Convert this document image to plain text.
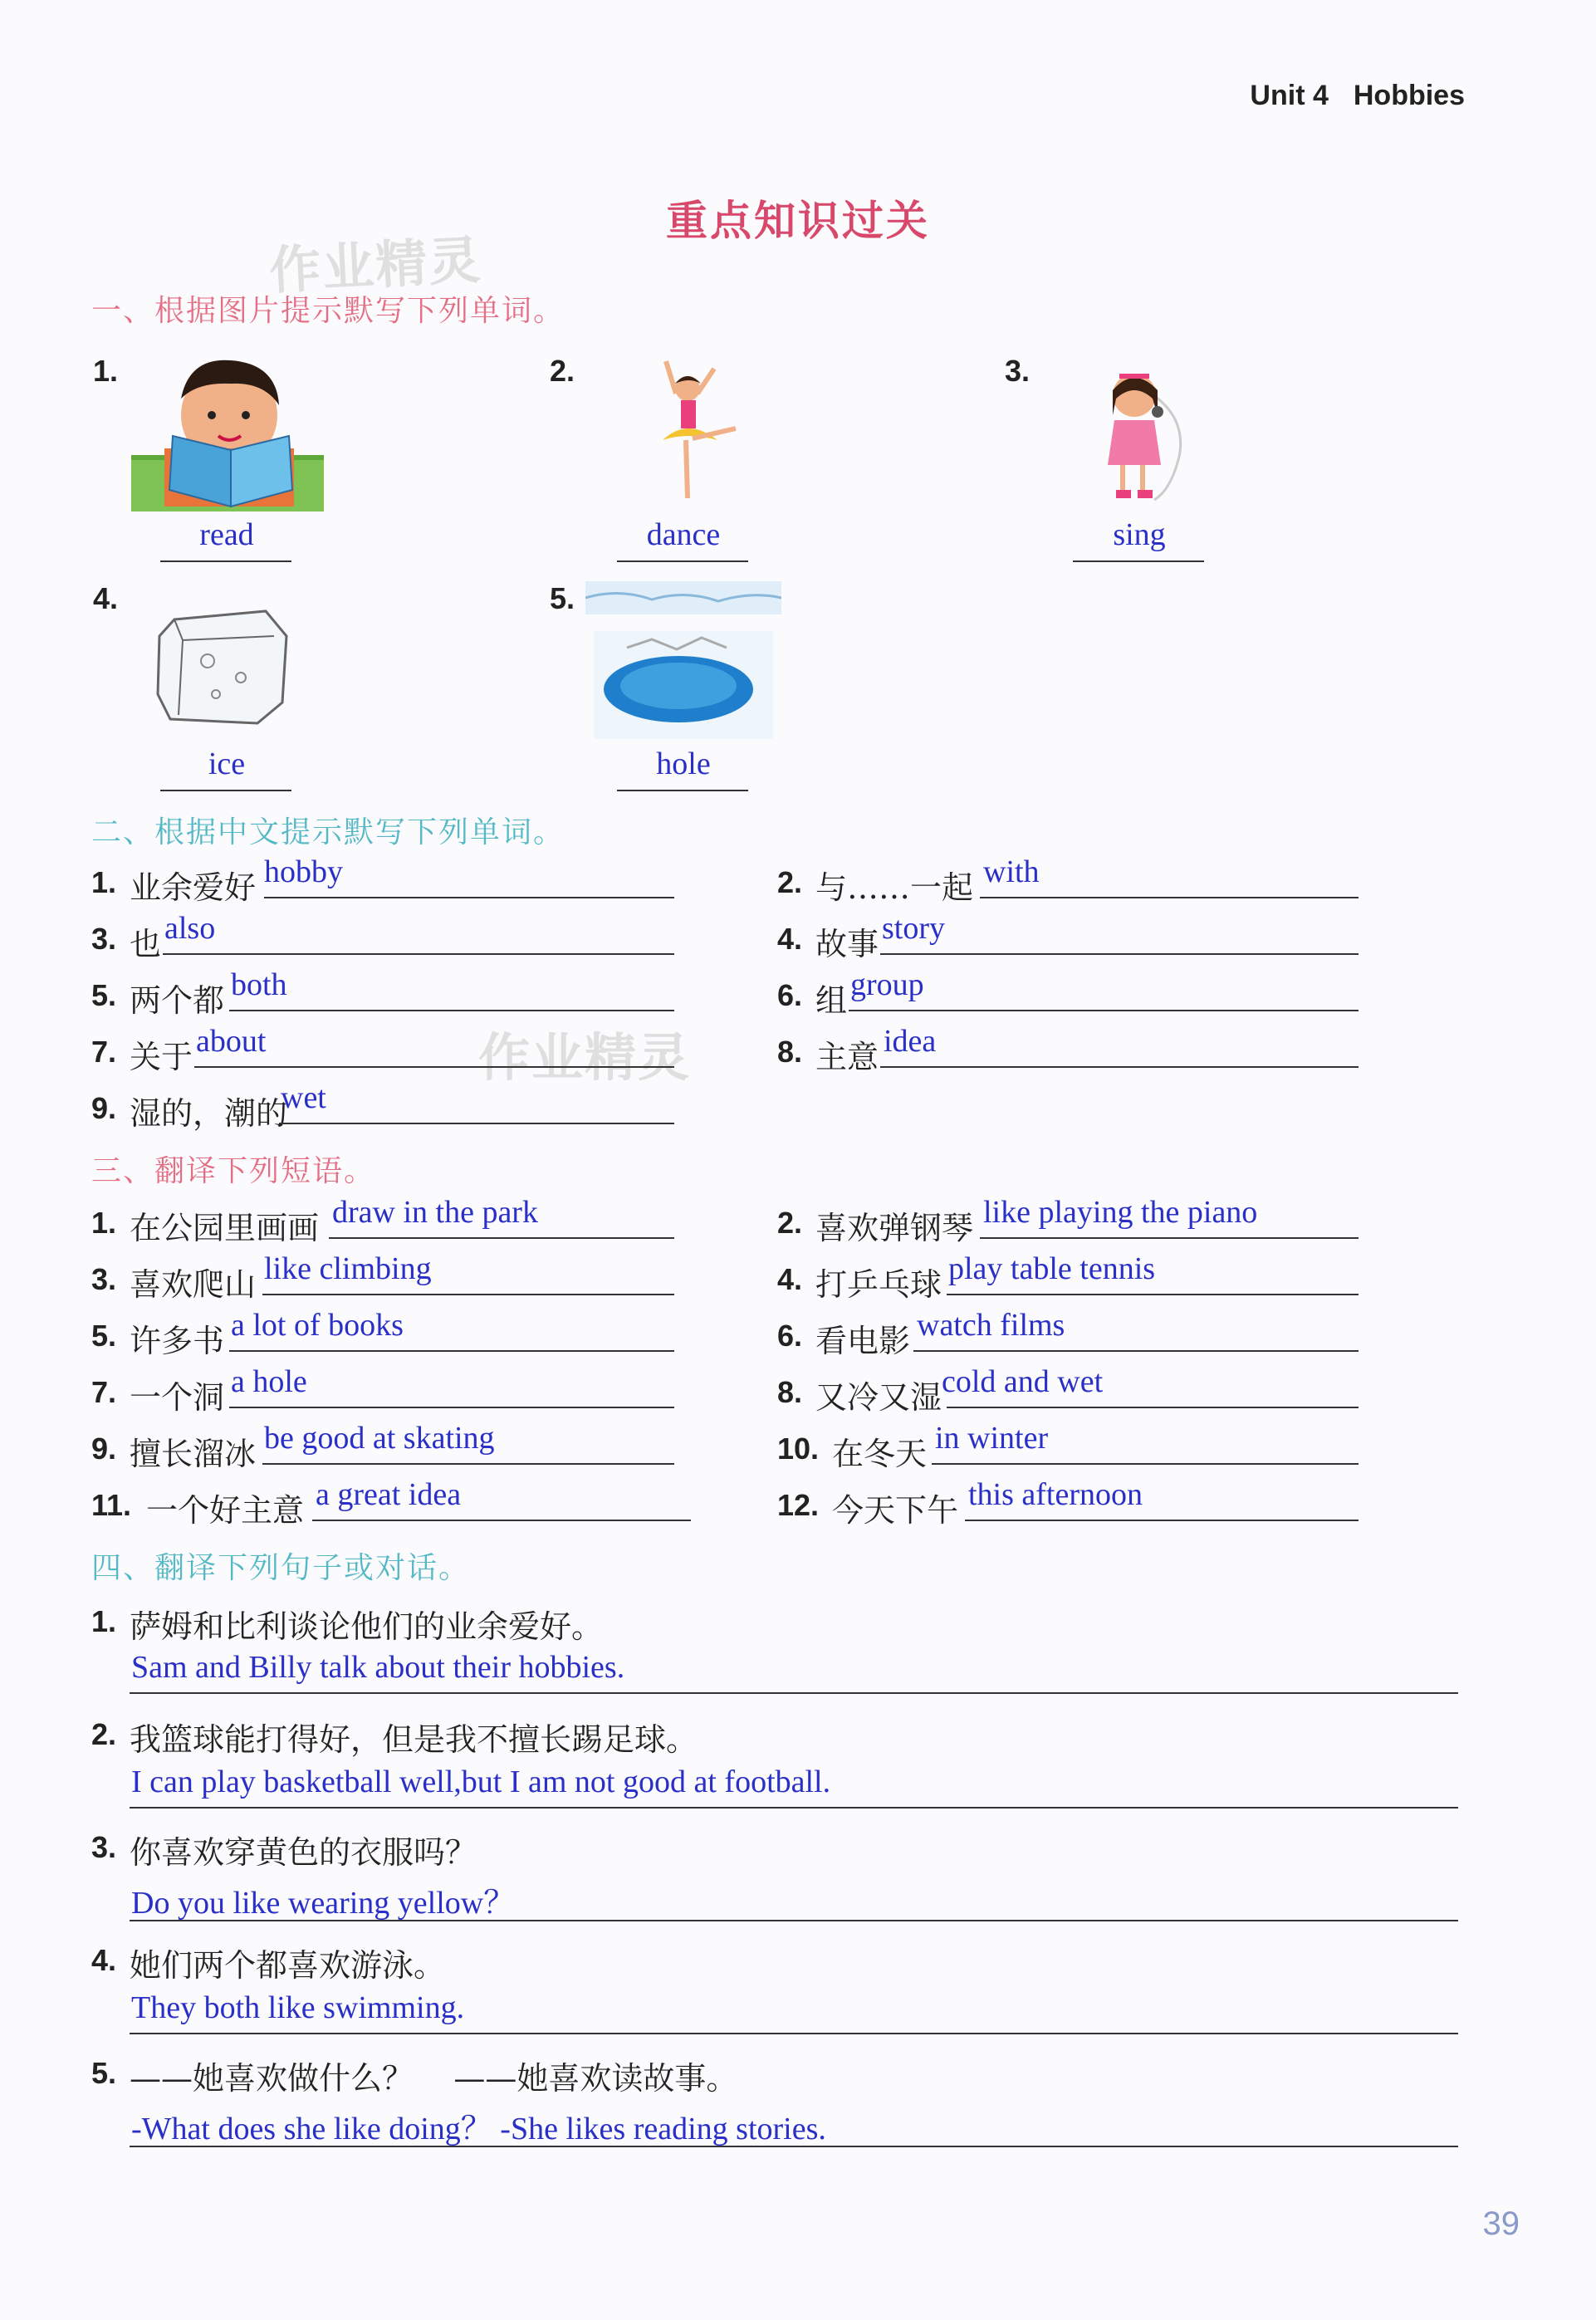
Unit 4 Hobbies
重点知识过关
作业精灵
作业精灵
一、根据图片提示默写下列单词。
1.
read
2.
dance
3.
sing
4.
ice
5.
hole
二、根据中文提示默写下列单词。
1. 业余爱好 hobby	2. 与……一起 with
3. 也 also	4. 故事 story
5. 两个都 both	6. 组 group
7. 关于 about	8. 主意 idea
9. 湿的，潮的
wet
三、翻译下列短语。
1. 在公园里画画 draw in the park	2. 喜欢弹钢琴 like playing the piano
3. 喜欢爬山 like climbing	4. 打乒乓球 play table tennis
5. 许多书 a lot of books	6. 看电影 watch films
7. 一个洞 a hole	8. 又冷又湿 cold and wet
9. 擅长溜冰 be good at skating	10. 在冬天 in winter
11. 一个好主意 a great idea	12. 今天下午 this afternoon
四、翻译下列句子或对话。
1. 萨姆和比利谈论他们的业余爱好。
Sam and Billy talk about their hobbies.
2. 我篮球能打得好，但是我不擅长踢足球。
I can play basketball well,but I am not good at football.
3. 你喜欢穿黄色的衣服吗？
Do you like wearing yellow？
4. 她们两个都喜欢游泳。
They both like swimming.
5. ——她喜欢做什么？    ——她喜欢读故事。
-What does she like doing？ -She likes reading stories.
39
